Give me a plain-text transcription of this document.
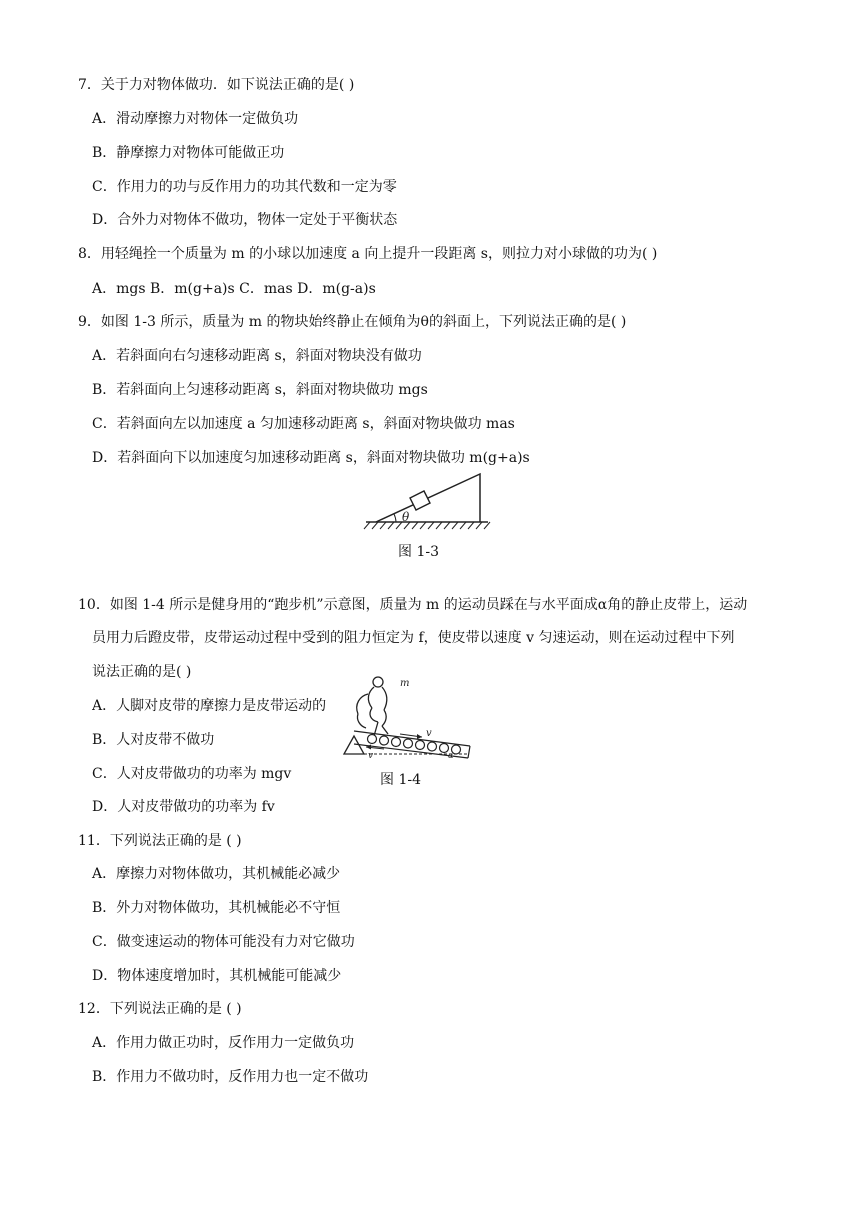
7．关于力对物体做功．如下说法正确的是( )
A．滑动摩擦力对物体一定做负功
B．静摩擦力对物体可能做正功
C．作用力的功与反作用力的功其代数和一定为零
D．合外力对物体不做功，物体一定处于平衡状态
8．用轻绳拴一个质量为 m 的小球以加速度 a 向上提升一段距离 s，则拉力对小球做的功为( )
A．mgs B．m(g+a)s C．mas D．m(g-a)s
9．如图 1-3 所示，质量为 m 的物块始终静止在倾角为θ的斜面上，下列说法正确的是( )
A．若斜面向右匀速移动距离 s，斜面对物块没有做功
B．若斜面向上匀速移动距离 s，斜面对物块做功 mgs
C．若斜面向左以加速度 a 匀加速移动距离 s，斜面对物块做功 mas
D．若斜面向下以加速度匀加速移动距离 s，斜面对物块做功 m(g+a)s
θ
图 1-3
10．如图 1-4 所示是健身用的“跑步机”示意图，质量为 m 的运动员踩在与水平面成α角的静止皮带上，运动
员用力后蹬皮带，皮带运动过程中受到的阻力恒定为 f，使皮带以速度 v 匀速运动，则在运动过程中下列
说法正确的是( )
A．人脚对皮带的摩擦力是皮带运动的
B．人对皮带不做功
C．人对皮带做功的功率为 mgv
D．人对皮带做功的功率为 fv
m
v
v	α
图 1-4
11．下列说法正确的是 ( )
A．摩擦力对物体做功，其机械能必减少
B．外力对物体做功，其机械能必不守恒
C．做变速运动的物体可能没有力对它做功
D．物体速度增加时，其机械能可能减少
12．下列说法正确的是 ( )
A．作用力做正功时，反作用力一定做负功
B．作用力不做功时，反作用力也一定不做功
